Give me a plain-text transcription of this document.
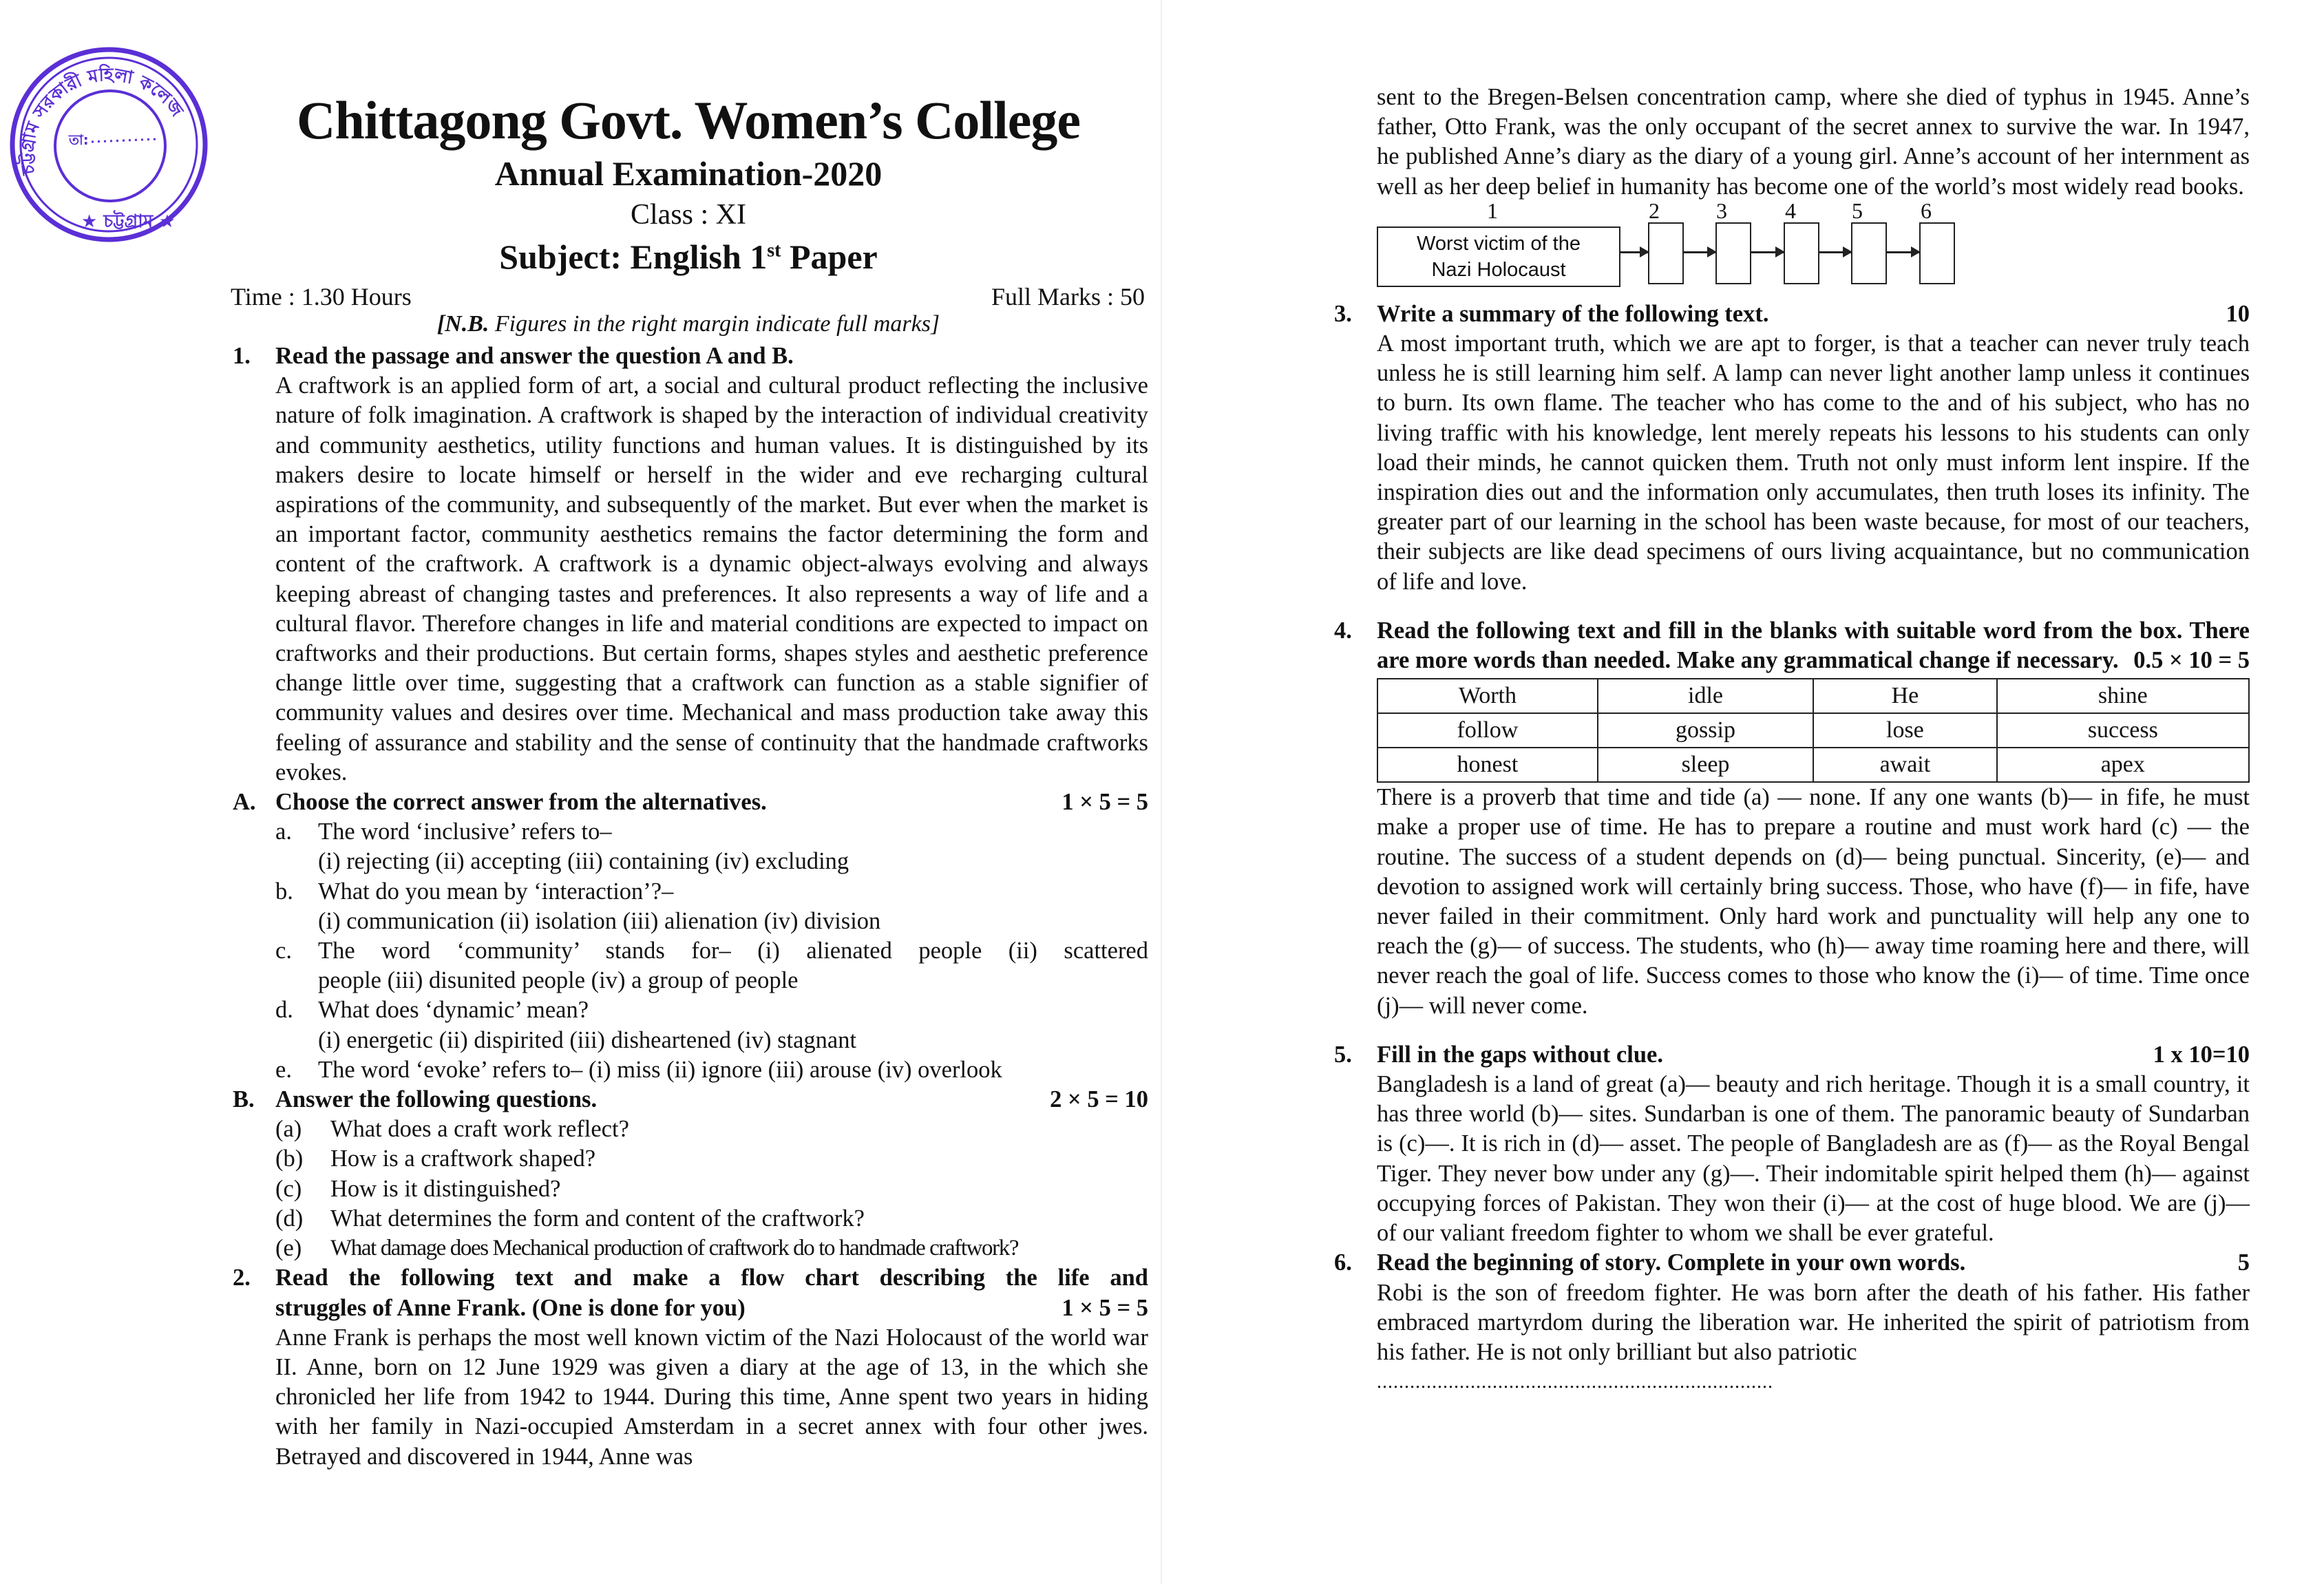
চট্টগ্রাম সরকারী মহিলা কলেজ
★ চট্টগ্রাম ★
তা:	Chittagong Govt. Women’s College
Annual Examination-2020
Class : XI
Subject: English 1st Paper
Time : 1.30 Hours	Full Marks : 50
[N.B. Figures in the right margin indicate full marks]
1.	Read the passage and answer the question A and B.
A craftwork is an applied form of art, a social and cultural product reflecting the inclusive nature of folk imagination. A craftwork is shaped by the interaction of individual creativity and community aesthetics, utility functions and human values. It is distinguished by its makers desire to locate himself or herself in the wider and eve recharging cultural aspirations of the community, and subsequently of the market. But ever when the market is an important factor, community aesthetics remains the factor determining the form and content of the craftwork. A craftwork is a dynamic object-always evolving and always keeping abreast of changing tastes and preferences. It also represents a way of life and a cultural flavor. Therefore changes in life and material conditions are expected to impact on craftworks and their productions. But certain forms, shapes styles and aesthetic preference change little over time, suggesting that a craftwork can function as a stable signifier of community values and desires over time. Mechanical and mass production take away this feeling of assurance and stability and the sense of continuity that the handmade craftworks evokes.
A. Choose the correct answer from the alternatives.	1 × 5 = 5
a.	The word ‘inclusive’ refers to–
(i) rejecting (ii) accepting (iii) containing (iv) excluding
b.	What do you mean by ‘interaction’?–
(i) communication (ii) isolation (iii) alienation (iv) division
c.	The word ‘community’ stands for– (i) alienated people (ii) scattered
people (iii) disunited people (iv) a group of people
d.	What does ‘dynamic’ mean?
(i) energetic (ii) dispirited (iii) disheartened (iv) stagnant
e.	The word ‘evoke’ refers to– (i) miss (ii) ignore (iii) arouse (iv) overlook
B. Answer the following questions.	2 × 5 = 10
(a)	What does a craft work reflect?
(b)	How is a craftwork shaped?
(c)	How is it distinguished?
(d)	What determines the form and content of the craftwork?
(e)	What damage does Mechanical production of craftwork do to handmade craftwork?
2.	Read the following text and make a flow chart describing the life and
struggles of Anne Frank. (One is done for you)	1 × 5 = 5
Anne Frank is perhaps the most well known victim of the Nazi Holocaust of the world war II. Anne, born on 12 June 1929 was given a diary at the age of 13, in the which she chronicled her life from 1942 to 1944. During this time, Anne spent two years in hiding with her family in Nazi-occupied Amsterdam in a secret annex with four other jwes. Betrayed and discovered in 1944, Anne was
sent to the Bregen-Belsen concentration camp, where she died of typhus in 1945. Anne’s father, Otto Frank, was the only occupant of the secret annex to survive the war. In 1947, he published Anne’s diary as the diary of a young girl. Anne’s account of her internment as well as her deep belief in humanity has become one of the world’s most widely read books.
1	2	3	4	5	6
Worst victim of the
Nazi Holocaust
3.	Write a summary of the following text.	10
A most important truth, which we are apt to forger, is that a teacher can never truly teach unless he is still learning him self. A lamp can never light another lamp unless it continues to burn. Its own flame. The teacher who has come to the and of his subject, who has no living traffic with his knowledge, lent merely repeats his lessons to his students can only load their minds, he cannot quicken them. Truth not only must inform lent inspire. If the inspiration dies out and the information only accumulates, then truth loses its infinity. The greater part of our learning in the school has been waste because, for most of our teachers, their subjects are like dead specimens of ours living acquaintance, but no communication of life and love.
4.	Read the following text and fill in the blanks with suitable word from the box. There are more words than needed. Make any grammatical change if necessary. 0.5 × 10 = 5
Worth	idle	He	shine
follow	gossip	lose	success
honest	sleep	await	apex
There is a proverb that time and tide (a) — none. If any one wants (b)— in fife, he must make a proper use of time. He has to prepare a routine and must work hard (c) — the routine. The success of a student depends on (d)— being punctual. Sincerity, (e)— and devotion to assigned work will certainly bring success. Those, who have (f)— in fife, have never failed in their commitment. Only hard work and punctuality will help any one to reach the (g)— of success. The students, who (h)— away time roaming here and there, will never reach the goal of life. Success comes to those who know the (i)— of time. Time once (j)— will never come.
5.	Fill in the gaps without clue.	1 x 10=10
Bangladesh is a land of great (a)— beauty and rich heritage. Though it is a small country, it has three world (b)— sites. Sundarban is one of them. The panoramic beauty of Sundarban is (c)—. It is rich in (d)— asset. The people of Bangladesh are as (f)— as the Royal Bengal Tiger. They never bow under any (g)—. Their indomitable spirit helped them (h)— against occupying forces of Pakistan. They won their (i)— at the cost of huge blood. We are (j)— of our valiant freedom fighter to whom we shall be ever grateful.
6.	Read the beginning of story. Complete in your own words.	5
Robi is the son of freedom fighter. He was born after the death of his father. His father embraced martyrdom during the liberation war. He inherited the spirit of patriotism from his father. He is not only brilliant but also patriotic
........................................................................
